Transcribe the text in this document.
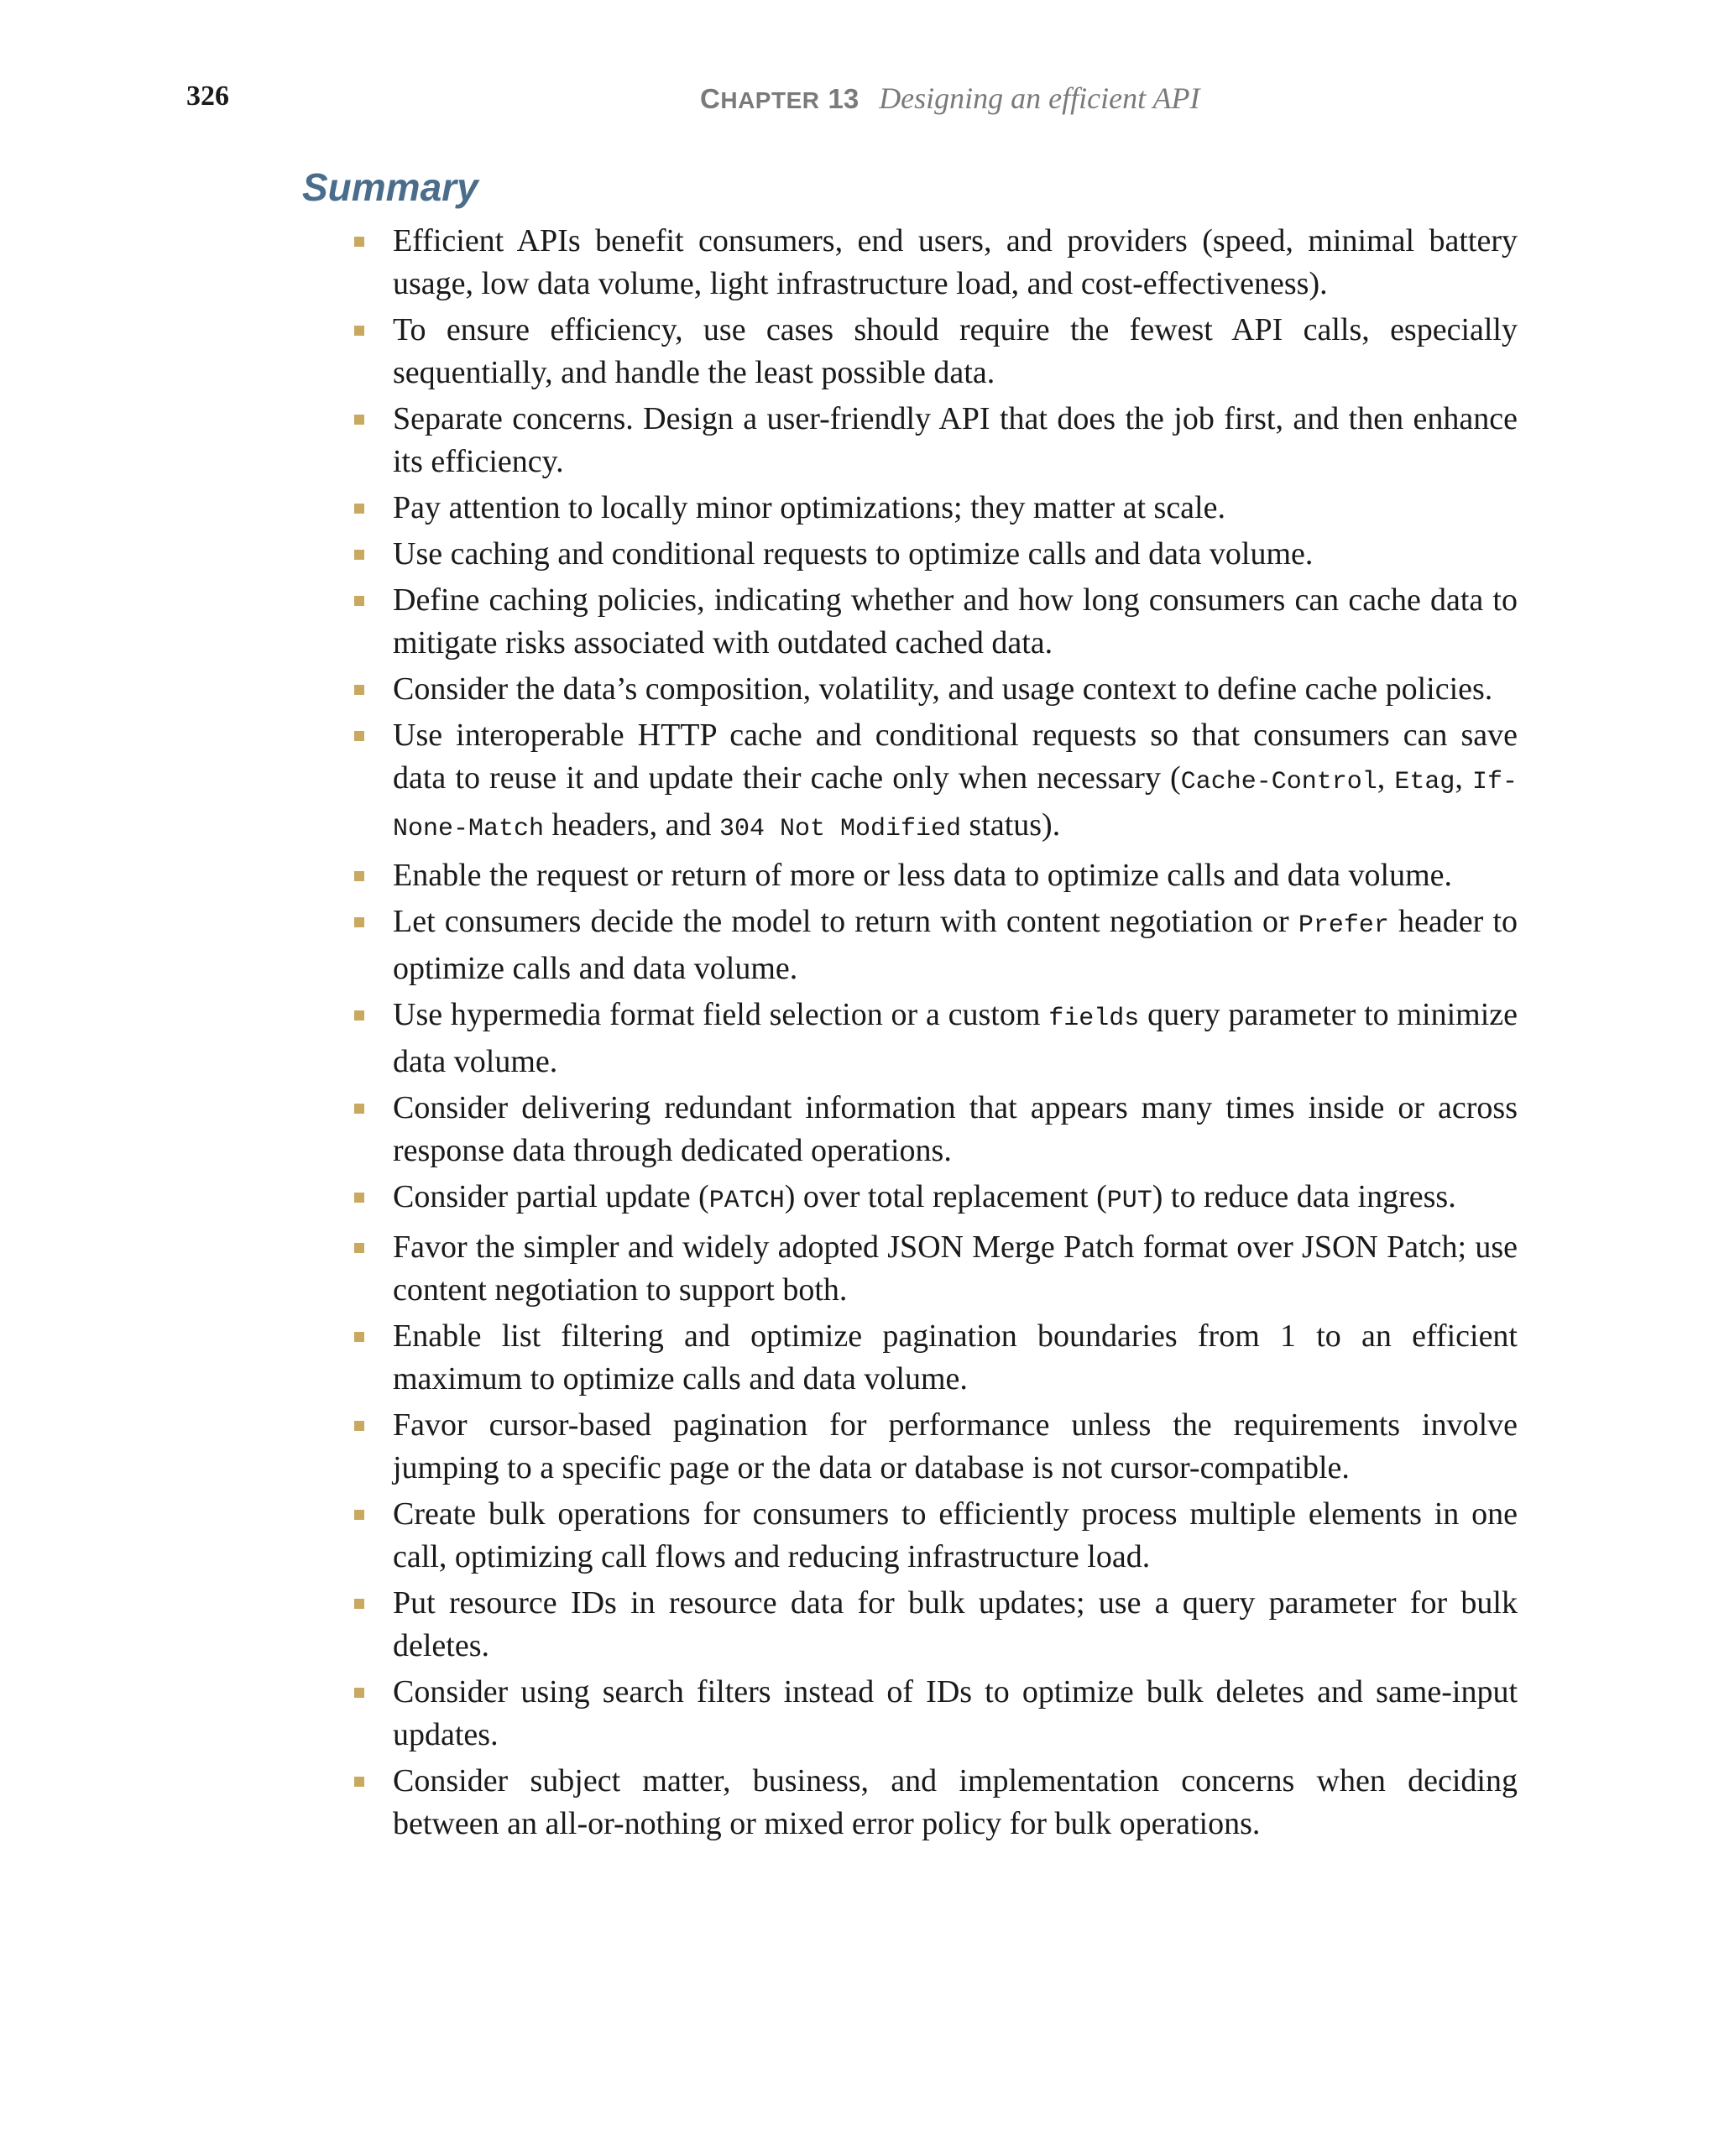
326	CHAPTER 13 Designing an efficient API
Summary
Efficient APIs benefit consumers, end users, and providers (speed, minimal battery usage, low data volume, light infrastructure load, and cost-effectiveness).
To ensure efficiency, use cases should require the fewest API calls, especially sequentially, and handle the least possible data.
Separate concerns. Design a user-friendly API that does the job first, and then enhance its efficiency.
Pay attention to locally minor optimizations; they matter at scale.
Use caching and conditional requests to optimize calls and data volume.
Define caching policies, indicating whether and how long consumers can cache data to mitigate risks associated with outdated cached data.
Consider the data’s composition, volatility, and usage context to define cache policies.
Use interoperable HTTP cache and conditional requests so that consumers can save data to reuse it and update their cache only when necessary (Cache-Control, Etag, If-None-Match headers, and 304 Not Modified status).
Enable the request or return of more or less data to optimize calls and data volume.
Let consumers decide the model to return with content negotiation or Prefer header to optimize calls and data volume.
Use hypermedia format field selection or a custom fields query parameter to minimize data volume.
Consider delivering redundant information that appears many times inside or across response data through dedicated operations.
Consider partial update (PATCH) over total replacement (PUT) to reduce data ingress.
Favor the simpler and widely adopted JSON Merge Patch format over JSON Patch; use content negotiation to support both.
Enable list filtering and optimize pagination boundaries from 1 to an efficient maximum to optimize calls and data volume.
Favor cursor-based pagination for performance unless the requirements involve jumping to a specific page or the data or database is not cursor-compatible.
Create bulk operations for consumers to efficiently process multiple elements in one call, optimizing call flows and reducing infrastructure load.
Put resource IDs in resource data for bulk updates; use a query parameter for bulk deletes.
Consider using search filters instead of IDs to optimize bulk deletes and same-input updates.
Consider subject matter, business, and implementation concerns when deciding between an all-or-nothing or mixed error policy for bulk operations.
